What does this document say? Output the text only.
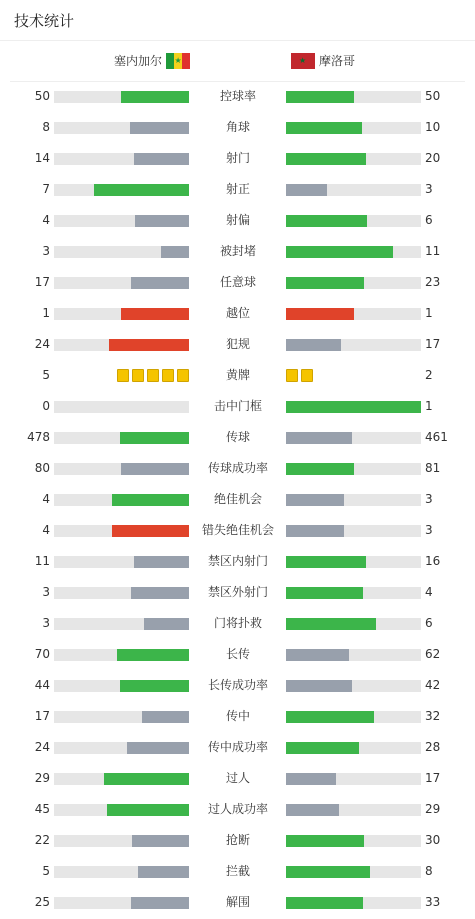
技术统计
塞内加尔 ★ ★	摩洛哥
50	控球率	50
8	角球	10
14	射门	20
7	射正	3
4	射偏	6
3	被封堵	11
17	任意球	23
1	越位	1
24	犯规	17
5	黄牌	2
0	击中门框	1
478	传球	461
80	传球成功率	81
4	绝佳机会	3
4	错失绝佳机会	3
11	禁区内射门	16
3	禁区外射门	4
3	门将扑救	6
70	长传	62
44	长传成功率	42
17	传中	32
24	传中成功率	28
29	过人	17
45	过人成功率	29
22	抢断	30
5	拦截	8
25	解围	33
